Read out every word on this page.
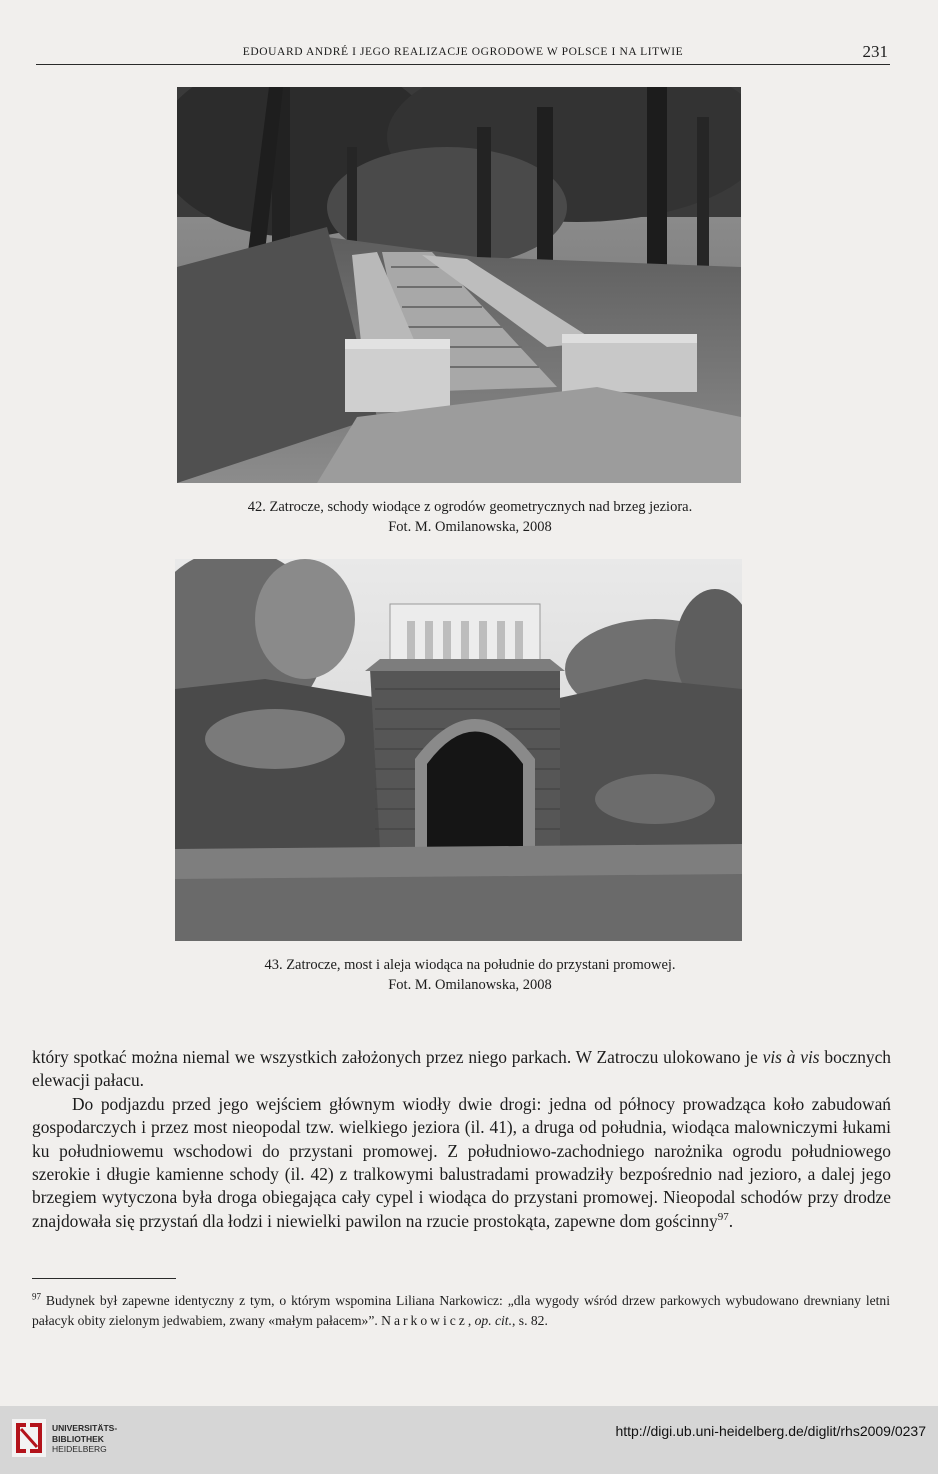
EDOUARD ANDRÉ I JEGO REALIZACJE OGRODOWE W POLSCE I NA LITWIE	231
42. Zatrocze, schody wiodące z ogrodów geometrycznych nad brzeg jeziora.
Fot. M. Omilanowska, 2008
43. Zatrocze, most i aleja wiodąca na południe do przystani promowej.
Fot. M. Omilanowska, 2008

który spotkać można niemal we wszystkich założonych przez niego parkach. W Zatroczu ulokowano je vis à vis bocznych elewacji pałacu.

Do podjazdu przed jego wejściem głównym wiodły dwie drogi: jedna od północy prowadząca koło zabudowań gospodarczych i przez most nieopodal tzw. wielkiego jeziora (il. 41), a druga od południa, wiodąca malowniczymi łukami ku południowemu wschodowi do przystani promowej. Z południowo-zachodniego narożnika ogrodu południowego szerokie i długie kamienne schody (il. 42) z tralkowymi balustradami prowadziły bezpośrednio nad jezioro, a dalej jego brzegiem wytyczona była droga obiegająca cały cypel i wiodąca do przystani promowej. Nieopodal schodów przy drodze znajdowała się przystań dla łodzi i niewielki pawilon na rzucie prostokąta, zapewne dom gościnny$^{97}$.

$^{97}$ Budynek był zapewne identyczny z tym, o którym wspomina Liliana Narkowicz: „dla wygody wśród drzew parkowych wybudowano drewniany letni pałacyk obity zielonym jedwabiem, zwany «małym pałacem»”. Narkowicz, op. cit., s. 82.
UNIVERSITÄTS-
BIBLIOTHEK
HEIDELBERG
http://digi.ub.uni-heidelberg.de/diglit/rhs2009/0237
